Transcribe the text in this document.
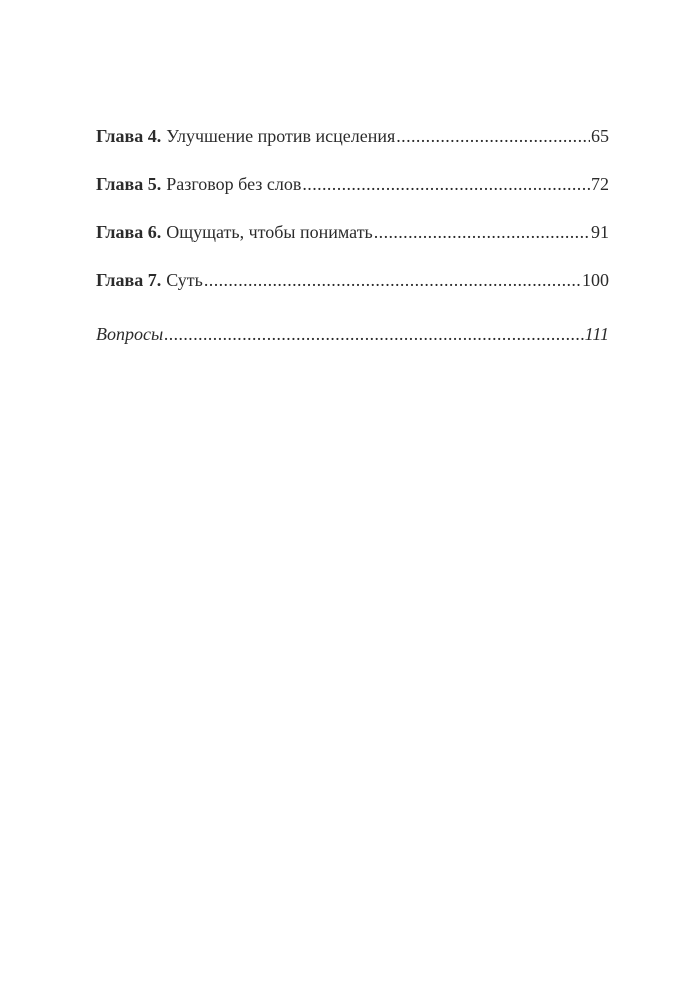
Глава 4. Улучшение против исцеления .....	65
Глава 5. Разговор без слов .....	72
Глава 6. Ощущать, чтобы понимать .....	91
Глава 7. Суть .....	100
Вопросы .....	111
